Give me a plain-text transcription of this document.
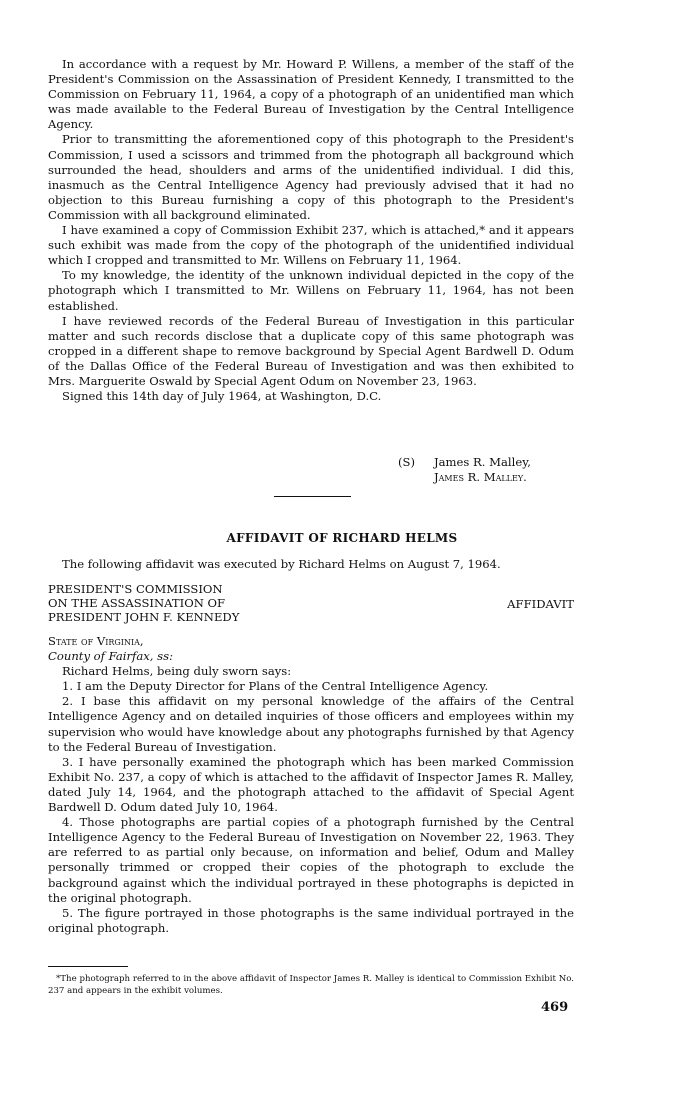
In accordance with a request by Mr. Howard P. Willens, a member of the staff of the President's Commission on the Assassination of President Kennedy, I transmitted to the Commission on February 11, 1964, a copy of a photograph of an unidentified man which was made available to the Federal Bureau of Investigation by the Central Intelligence Agency.

Prior to transmitting the aforementioned copy of this photograph to the President's Commission, I used a scissors and trimmed from the photograph all background which surrounded the head, shoulders and arms of the unidentified individual. I did this, inasmuch as the Central Intelligence Agency had previously advised that it had no objection to this Bureau furnishing a copy of this photograph to the President's Commission with all background eliminated.

I have examined a copy of Commission Exhibit 237, which is attached,* and it appears such exhibit was made from the copy of the photograph of the unidentified individual which I cropped and transmitted to Mr. Willens on February 11, 1964.

To my knowledge, the identity of the unknown individual depicted in the copy of the photograph which I transmitted to Mr. Willens on February 11, 1964, has not been established.

I have reviewed records of the Federal Bureau of Investigation in this particular matter and such records disclose that a duplicate copy of this same photograph was cropped in a different shape to remove background by Special Agent Bardwell D. Odum of the Dallas Office of the Federal Bureau of Investigation and was then exhibited to Mrs. Marguerite Oswald by Special Agent Odum on November 23, 1963.

Signed this 14th day of July 1964, at Washington, D.C.

(S) James R. Malley,
James R. Malley.
AFFIDAVIT OF RICHARD HELMS

The following affidavit was executed by Richard Helms on August 7, 1964.

PRESIDENT'S COMMISSION
ON THE ASSASSINATION OF
PRESIDENT JOHN F. KENNEDY
AFFIDAVIT

State of Virginia,

County of Fairfax, ss:

Richard Helms, being duly sworn says:

1. I am the Deputy Director for Plans of the Central Intelligence Agency.

2. I base this affidavit on my personal knowledge of the affairs of the Central Intelligence Agency and on detailed inquiries of those officers and employees within my supervision who would have knowledge about any photographs furnished by that Agency to the Federal Bureau of Investigation.

3. I have personally examined the photograph which has been marked Commission Exhibit No. 237, a copy of which is attached to the affidavit of Inspector James R. Malley, dated July 14, 1964, and the photograph attached to the affidavit of Special Agent Bardwell D. Odum dated July 10, 1964.

4. Those photographs are partial copies of a photograph furnished by the Central Intelligence Agency to the Federal Bureau of Investigation on November 22, 1963. They are referred to as partial only because, on information and belief, Odum and Malley personally trimmed or cropped their copies of the photograph to exclude the background against which the individual portrayed in these photographs is depicted in the original photograph.

5. The figure portrayed in those photographs is the same individual portrayed in the original photograph.

*The photograph referred to in the above affidavit of Inspector James R. Malley is identical to Commission Exhibit No. 237 and appears in the exhibit volumes.
469
